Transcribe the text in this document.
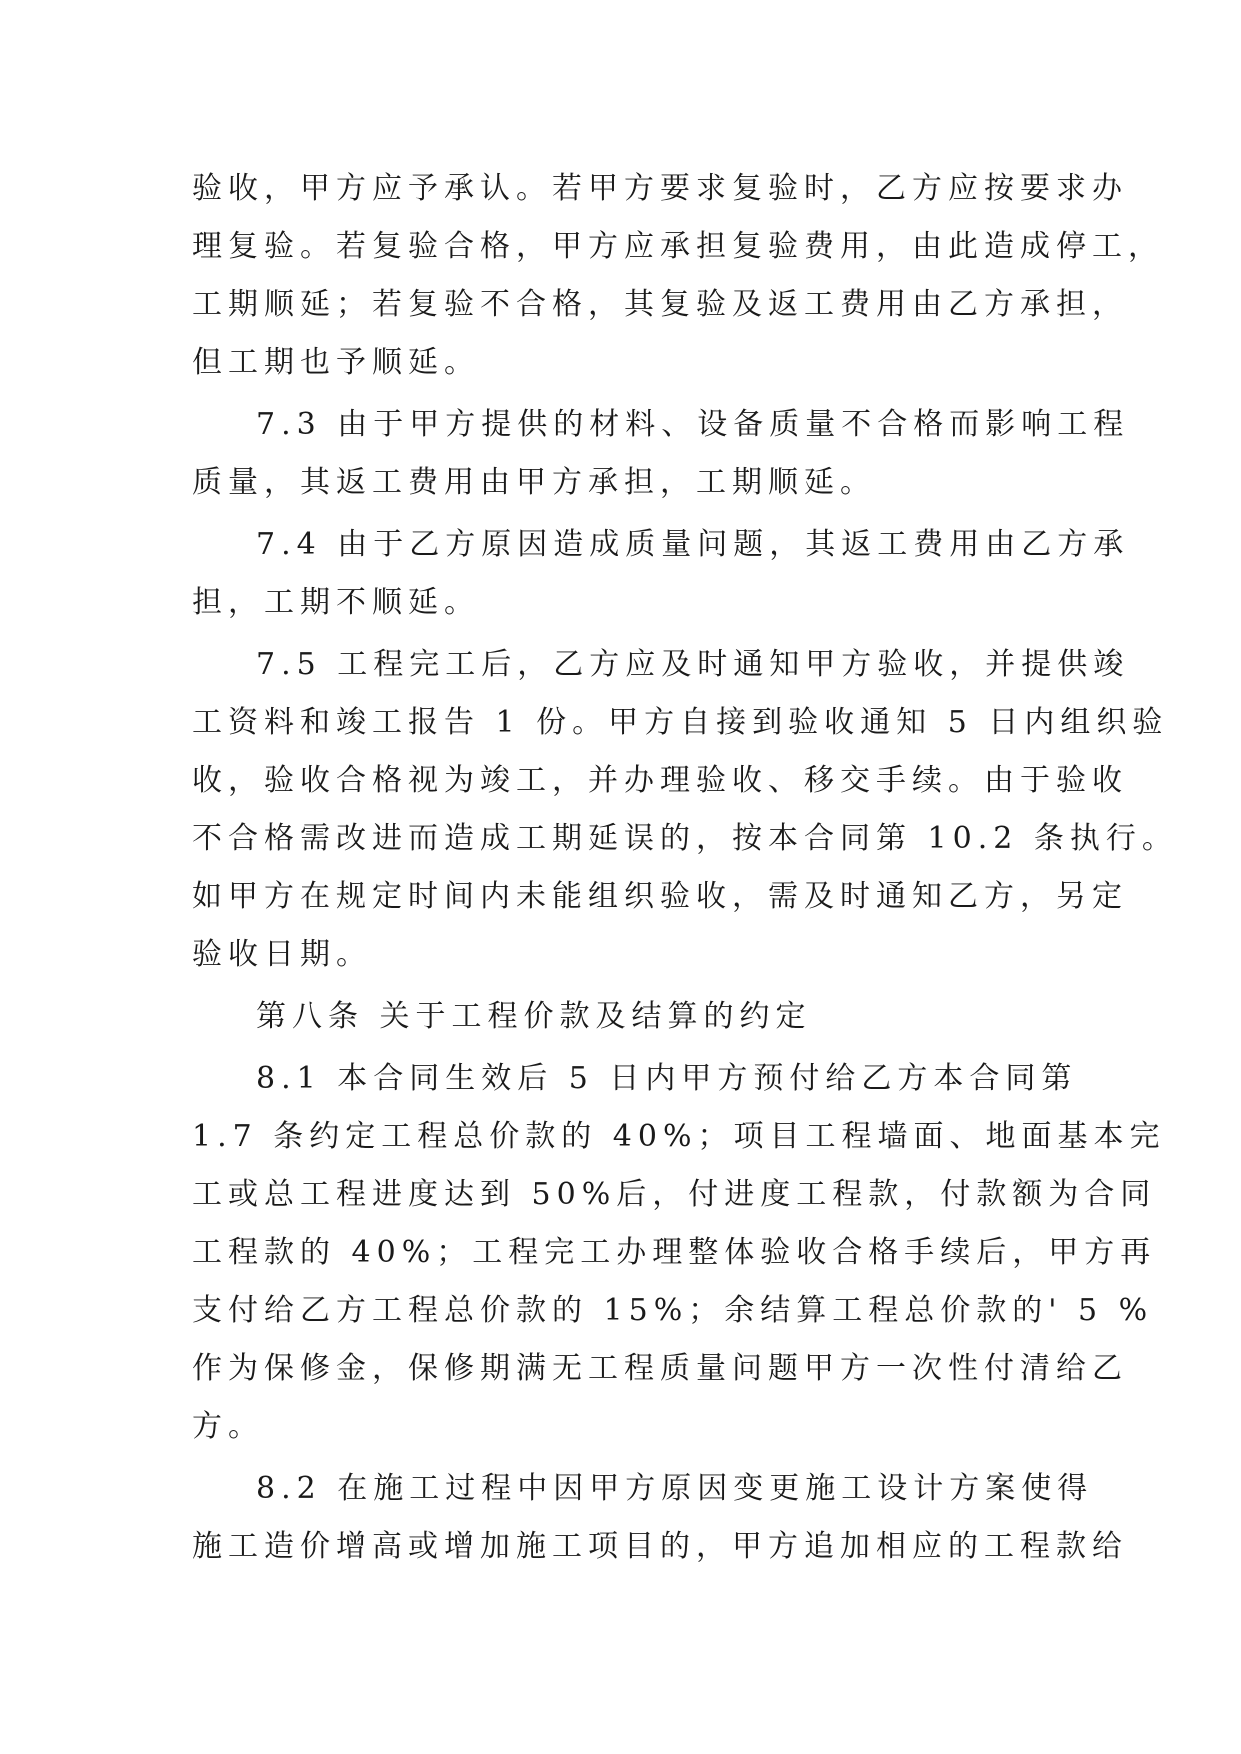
验收，甲方应予承认。若甲方要求复验时，乙方应按要求办
理复验。若复验合格，甲方应承担复验费用，由此造成停工，
工期顺延；若复验不合格，其复验及返工费用由乙方承担，
但工期也予顺延。
7.3 由于甲方提供的材料、设备质量不合格而影响工程
质量，其返工费用由甲方承担，工期顺延。
7.4 由于乙方原因造成质量问题，其返工费用由乙方承
担，工期不顺延。
7.5 工程完工后，乙方应及时通知甲方验收，并提供竣
工资料和竣工报告 1 份。甲方自接到验收通知 5 日内组织验
收，验收合格视为竣工，并办理验收、移交手续。由于验收
不合格需改进而造成工期延误的，按本合同第 10.2 条执行。
如甲方在规定时间内未能组织验收，需及时通知乙方，另定
验收日期。
第八条 关于工程价款及结算的约定
8.1 本合同生效后 5 日内甲方预付给乙方本合同第
1.7 条约定工程总价款的 40%；项目工程墙面、地面基本完
工或总工程进度达到 50%后，付进度工程款，付款额为合同
工程款的 40%；工程完工办理整体验收合格手续后，甲方再
支付给乙方工程总价款的 15%；余结算工程总价款的' 5 %
作为保修金，保修期满无工程质量问题甲方一次性付清给乙
方。
8.2 在施工过程中因甲方原因变更施工设计方案使得
施工造价增高或增加施工项目的，甲方追加相应的工程款给
